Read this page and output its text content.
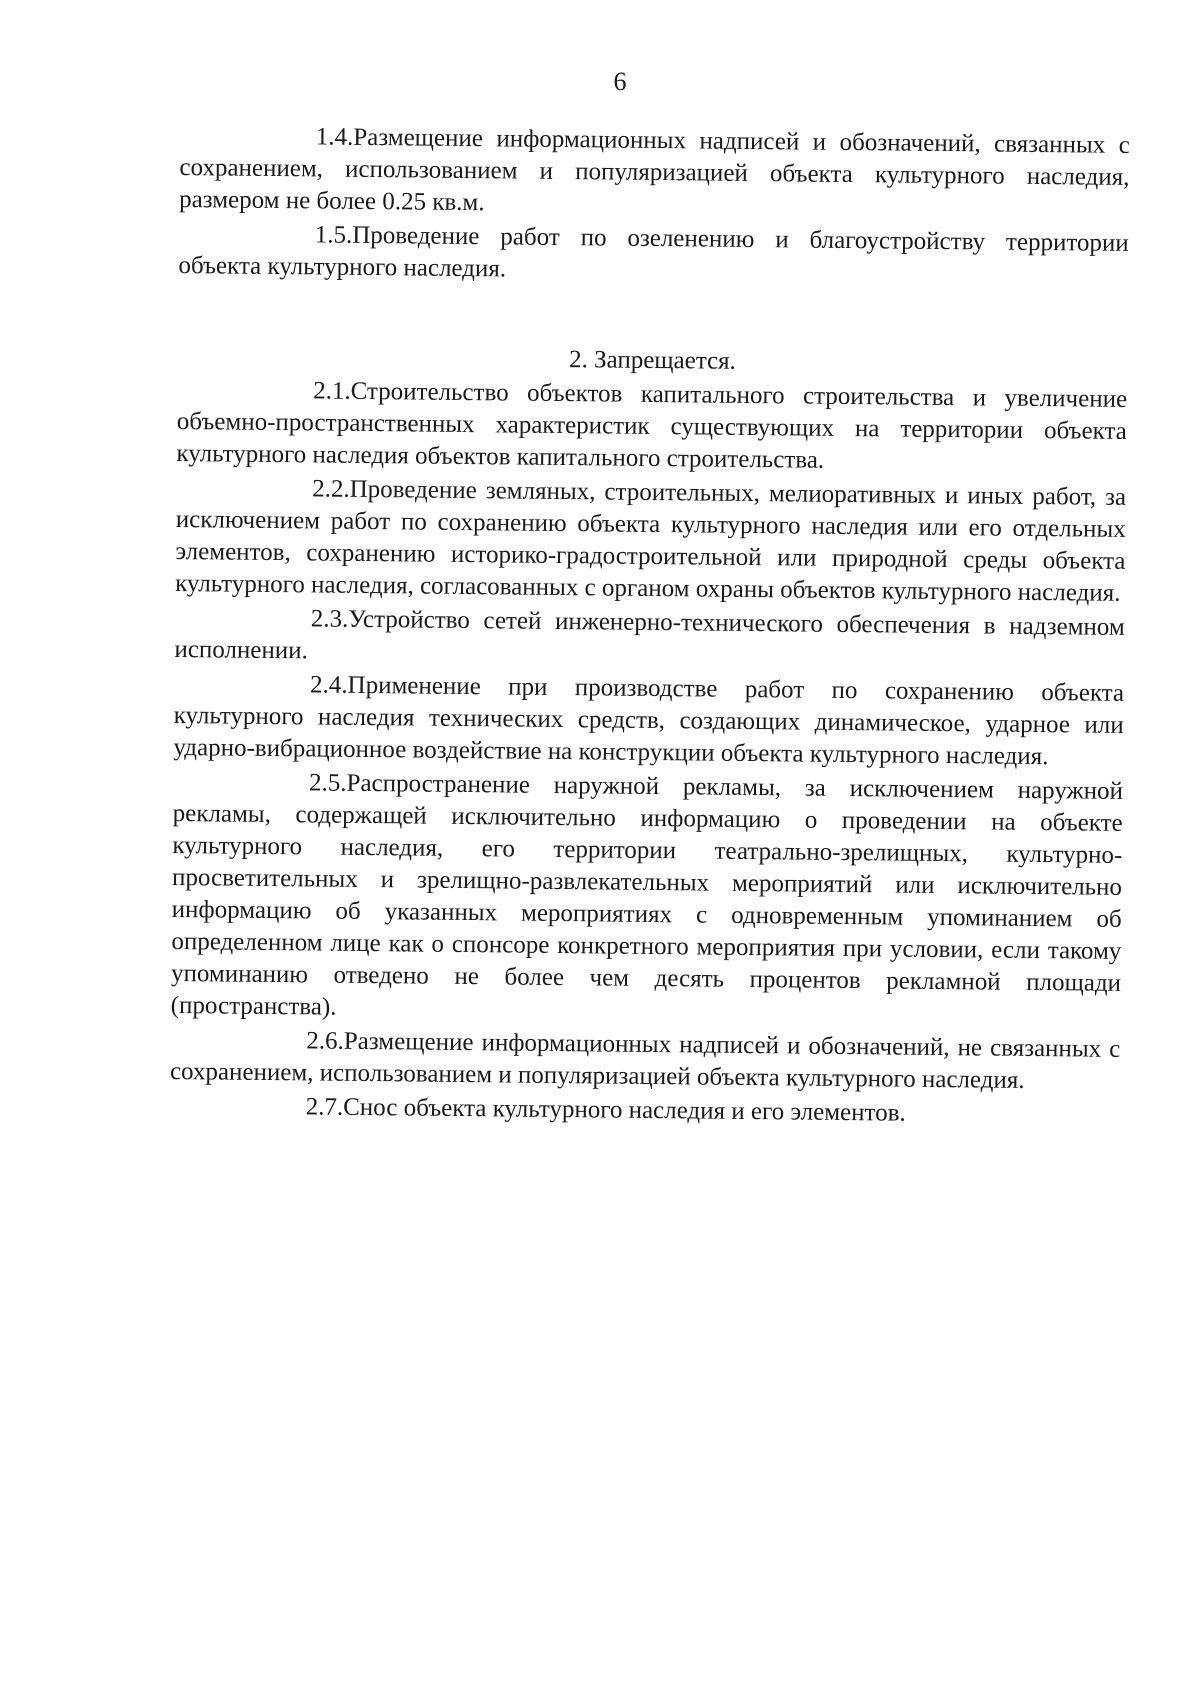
6

1.4.Размещение информационных надписей и обозначений, связанных с сохранением, использованием и популяризацией объекта культурного наследия, размером не более 0.25 кв.м.

1.5.Проведение работ по озеленению и благоустройству территории объекта культурного наследия.

2. Запрещается.

2.1.Строительство объектов капитального строительства и увеличение объемно-пространственных характеристик существующих на территории объекта культурного наследия объектов капитального строительства.

2.2.Проведение земляных, строительных, мелиоративных и иных работ, за исключением работ по сохранению объекта культурного наследия или его отдельных элементов, сохранению историко-градостроительной или природной среды объекта культурного наследия, согласованных с органом охраны объектов культурного наследия.

2.3.Устройство сетей инженерно-технического обеспечения в надземном исполнении.

2.4.Применение при производстве работ по сохранению объекта культурного наследия технических средств, создающих динамическое, ударное или ударно-вибрационное воздействие на конструкции объекта культурного наследия.

2.5.Распространение наружной рекламы, за исключением наружной рекламы, содержащей исключительно информацию о проведении на объекте культурного наследия, его территории театрально-зрелищных, культурно-просветительных и зрелищно-развлекательных мероприятий или исключительно информацию об указанных мероприятиях с одновременным упоминанием об определенном лице как о спонсоре конкретного мероприятия при условии, если такому упоминанию отведено не более чем десять процентов рекламной площади (пространства).

2.6.Размещение информационных надписей и обозначений, не связанных с сохранением, использованием и популяризацией объекта культурного наследия.

2.7.Снос объекта культурного наследия и его элементов.
